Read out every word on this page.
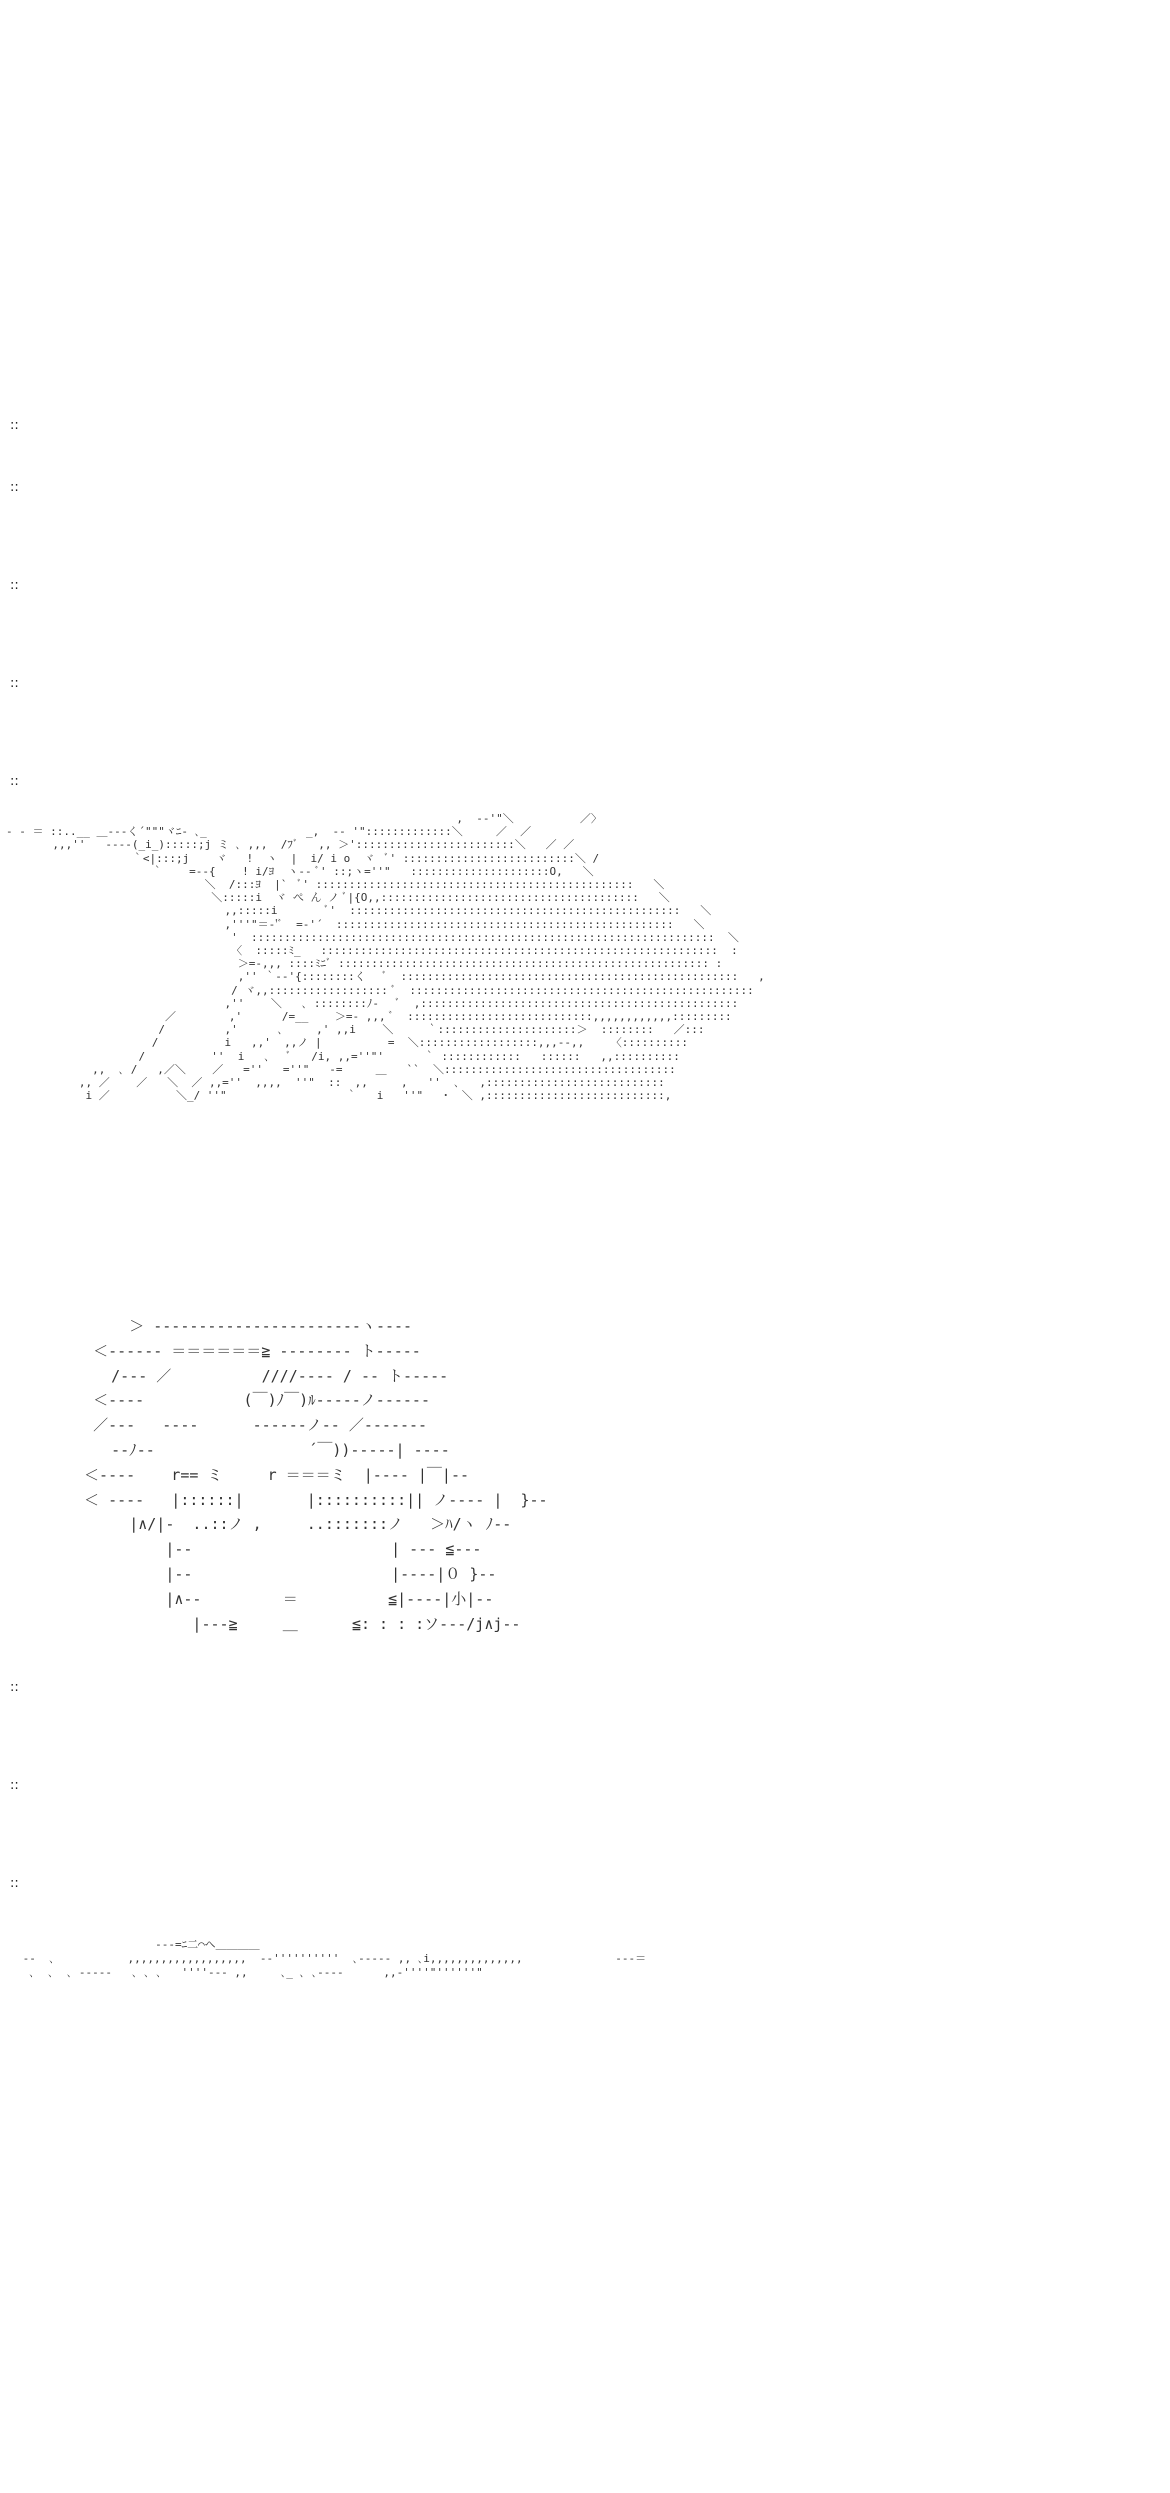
::
::
::
::
::
,  -‐'"＼          ／〉
‐ ‐ ＝ ::..__ ＿-‐-く´"""ヾﾆ- ､_               _,  -‐ '":::::::::::::＼     ／  ／
,,,''   ‐‐‐-(_i_):::::;j ミ ､ ,,,  /ﾌﾞ   ,, ＞'::::::::::::::::::::::::＼   ／ ／
｀<|:::;j    ヾ   !  ヽ  |  i/ i o  ヾ  ﾞ' ::::::::::::::::::::::::::＼ /
｀    =--{    ! i/ﾖ  ヽ-- ﾞ' ::;ヽ=''"   :::::::::::::::::::::O,   ＼
＼  /:::ﾖ  |`  ﾞ' ::::::::::::::::::::::::::::::::::::::::::::::::   ＼
＼:::::i  ヾ ぺ ん ノ ﾞ|{O,,:::::::::::::::::::::::::::::::::::::::   ＼
,,:::::i       ﾞ'  ::::::::::::::::::::::::::::::::::::::::::::::::::   ＼
,'''"＝‐'ﾞ  =-'´  :::::::::::::::::::::::::::::::::::::::::::::::::::   ＼
'  ::::::::::::::::::::::::::::::::::::::::::::::::::::::::::::::::::::::  ＼
〈  :::::ﾐ_   ::::::::::::::::::::::::::::::::::::::::::::::::::::::::::::  :
＞=‐,,, ::::ﾐﾆﾞ :::::::::::::::::::::::::::::::::::::::::::::::::::::::: :
,'' ｀-‐'{::::::::く   ﾞ  :::::::::::::::::::::::::::::::::::::::::::::::::::   ,
/ ヾ,,:::::::::::::::::: ﾞ  ::::::::::::::::::::::::::::::::::::::::::::::::::::
,''    ＼   ､ ::::::::ﾉ-   ﾞ  ,::::::::::::::::::::::::::::::::::::::::::::::::
／        ,'      /=__    ＞=- ,,, ﾞ  ::::::::::::::::::::::::::::,,,,,,,,,,,,:::::::::
/         ,'      ､     ,' ,,i    ＼     ｀:::::::::::::::::::::＞  ::::::::   ／:::
/          i   ,,'  ,,ノ |          =  ＼::::::::::::::::::,,,--,,    〈::::::::::
/          ''  i   ､   ﾞ   /i, ,,=''"'      ｀ ::::::::::::   ::::::   ,,::::::::::
,,  ､ /   ,／＼    ／   =''   =''"   -=     ＿   ``  ＼:::::::::::::::::::::::::::::::::::
,, ／    ／   ＼  ／ ,,=''  ,,,,  ''"  ::  ,,     ,   ''  ､   ,:::::::::::::::::::::::::::
i ／          ＼_/ ''"                  ｀   i   ''"   ･  ＼ ,:::::::::::::::::::::::::::,
＞ ‐‐‐‐‐‐‐‐‐‐‐‐‐‐‐‐‐‐‐‐‐‐‐ヽ‐‐‐‐
＜‐‐‐‐‐‐ ＝＝＝＝＝＝≧ ‐‐‐‐‐‐‐‐ ト‐‐‐‐‐
/‐‐‐ ／          ////‐‐‐‐ / ‐‐ ト‐‐‐‐‐
＜‐‐‐‐           (￣)ﾉ￣)ﾙ‐‐‐‐‐ノ‐‐‐‐‐‐
／‐‐‐   ‐‐‐‐      ‐‐‐‐‐‐ノ‐‐ ／‐‐‐‐‐‐‐
‐‐ﾉ‐‐                 ´￣))‐‐‐‐‐| ‐‐‐‐
＜‐‐‐‐    r== ミ     r ＝＝＝ミ  |‐‐‐‐ |￣|‐‐
＜ ‐‐‐‐   |::::::|       |::::::::::|| ノ‐‐‐‐ |  }‐‐
|∧/|‐  ..::ノ ,     ..:::::::ノ   ＞ﾊ/ヽ ﾉ‐‐
|‐‐                      | ‐‐‐ ≦-‐‐
|‐‐                      |‐‐‐‐|０ }‐‐
|∧‐‐         ＝          ≦|‐‐‐‐|小|‐‐
|‐‐‐≧     ＿      ≦: : : :ソ‐‐‐/j∧j‐‐
::
::
::
‐‐‐=ﾆ二⌒ヘ＿＿＿＿
‐‐  ､           ,,,,,,,,,,,,,,,,,,  ‐‐''''''''''  ､‐‐‐-‐ ,, ､i,,,,,,,,,,,,,,              ‐‐‐＝
､  ､  ､ ‐‐‐‐‐   ､ ､ ､   ''''-‐‐ ,,     ､_ ､ ､‐‐‐‐      ,,-''''"''''''"
